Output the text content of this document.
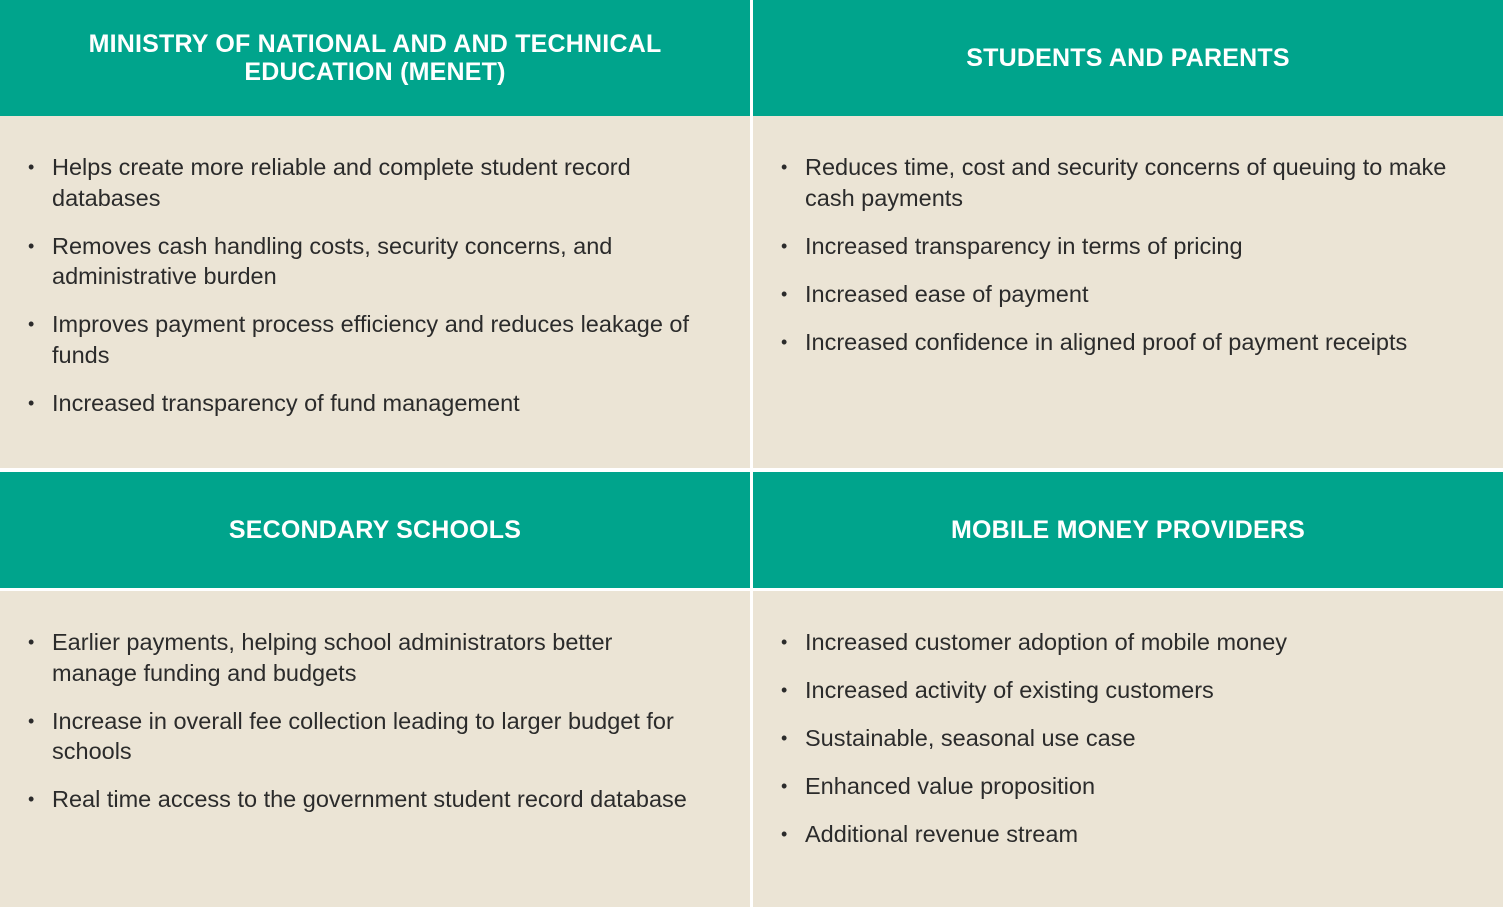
MINISTRY OF NATIONAL AND AND TECHNICAL EDUCATION (MENET)	STUDENTS AND PARENTS
• Helps create more reliable and complete student record databases
• Removes cash handling costs, security concerns, and administrative burden
• Improves payment process efficiency and reduces leakage of funds
• Increased transparency of fund management
• Reduces time, cost and security concerns of queuing to make cash payments
• Increased transparency in terms of pricing
• Increased ease of payment
• Increased confidence in aligned proof of payment receipts
SECONDARY SCHOOLS	MOBILE MONEY PROVIDERS
• Earlier payments, helping school administrators better manage funding and budgets
• Increase in overall fee collection leading to larger budget for schools
• Real time access to the government student record database
• Increased customer adoption of mobile money
• Increased activity of existing customers
• Sustainable, seasonal use case
• Enhanced value proposition
• Additional revenue stream
